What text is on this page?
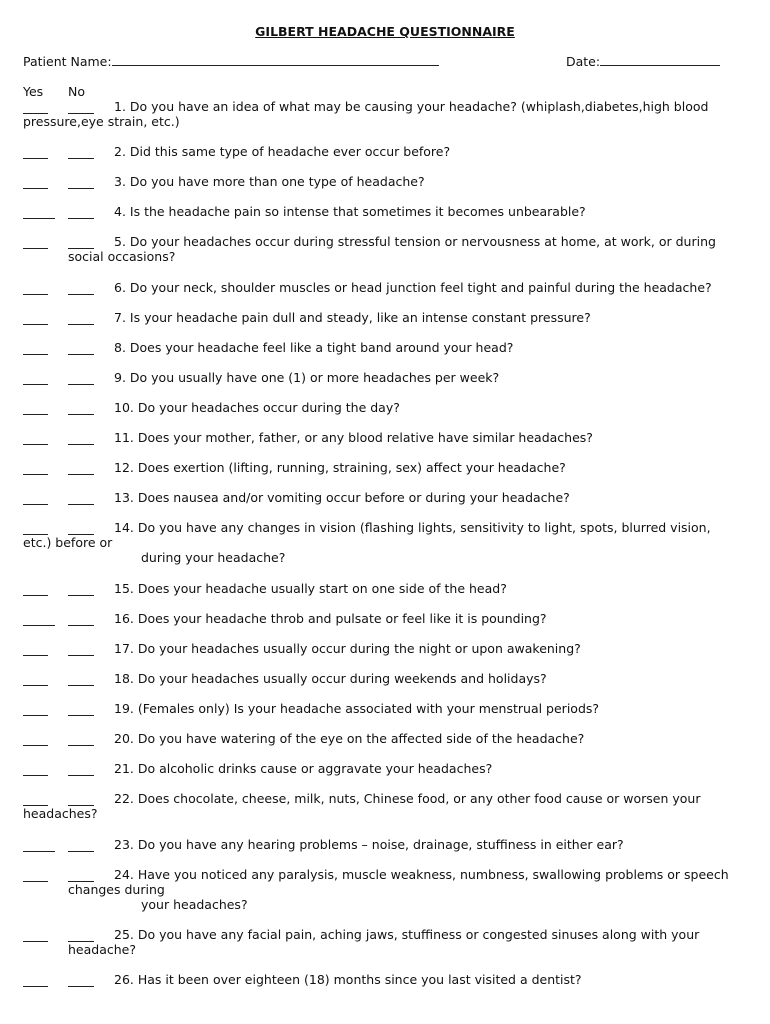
GILBERT HEADACHE QUESTIONNAIRE
Patient Name:	Date:
Yes No
1. Do you have an idea of what may be causing your headache? (whiplash,diabetes,high blood
pressure,eye strain, etc.)
2. Did this same type of headache ever occur before?
3. Do you have more than one type of headache?
4. Is the headache pain so intense that sometimes it becomes unbearable?
5. Do your headaches occur during stressful tension or nervousness at home, at work, or during
social occasions?
6. Do your neck, shoulder muscles or head junction feel tight and painful during the headache?
7. Is your headache pain dull and steady, like an intense constant pressure?
8. Does your headache feel like a tight band around your head?
9. Do you usually have one (1) or more headaches per week?
10. Do your headaches occur during the day?
11. Does your mother, father, or any blood relative have similar headaches?
12. Does exertion (lifting, running, straining, sex) affect your headache?
13. Does nausea and/or vomiting occur before or during your headache?
14. Do you have any changes in vision (flashing lights, sensitivity to light, spots, blurred vision,
etc.) before or
during your headache?
15. Does your headache usually start on one side of the head?
16. Does your headache throb and pulsate or feel like it is pounding?
17. Do your headaches usually occur during the night or upon awakening?
18. Do your headaches usually occur during weekends and holidays?
19. (Females only) Is your headache associated with your menstrual periods?
20. Do you have watering of the eye on the affected side of the headache?
21. Do alcoholic drinks cause or aggravate your headaches?
22. Does chocolate, cheese, milk, nuts, Chinese food, or any other food cause or worsen your
headaches?
23. Do you have any hearing problems – noise, drainage, stuffiness in either ear?
24. Have you noticed any paralysis, muscle weakness, numbness, swallowing problems or speech
changes during
your headaches?
25. Do you have any facial pain, aching jaws, stuffiness or congested sinuses along with your
headache?
26. Has it been over eighteen (18) months since you last visited a dentist?
